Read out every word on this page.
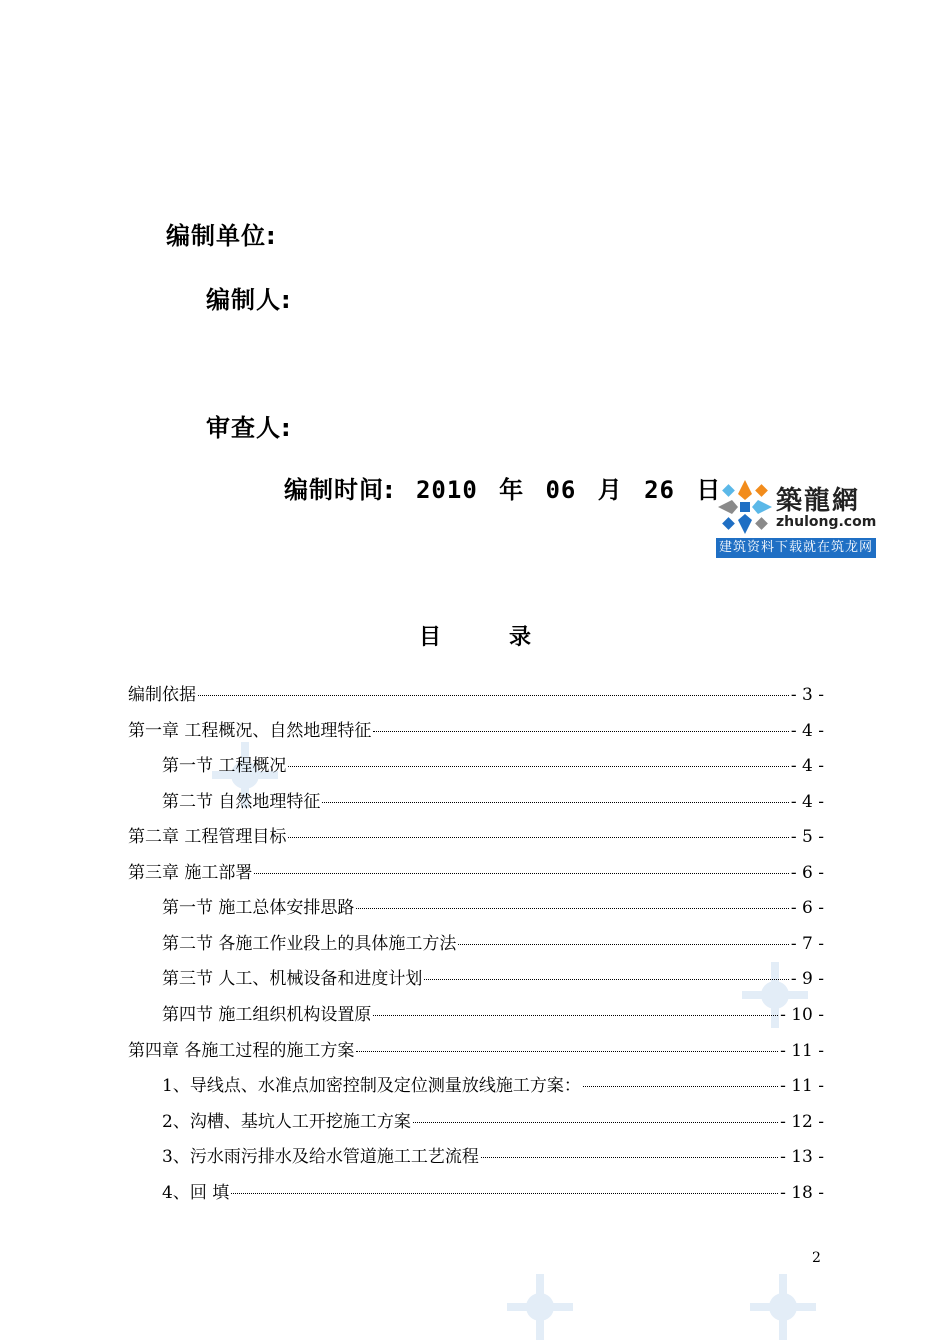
编制单位:
编制人:
审查人:
编制时间: 2010 年 06 月 26 日	築龍網
zhulong.com
建筑资料下载就在筑龙网
目 录
编制依据	- 3 -
第一章 工程概况、自然地理特征	- 4 -
第一节 工程概况	- 4 -
第二节 自然地理特征	- 4 -
第二章 工程管理目标	- 5 -
第三章 施工部署	- 6 -
第一节 施工总体安排思路	- 6 -
第二节 各施工作业段上的具体施工方法	- 7 -
第三节 人工、机械设备和进度计划	- 9 -
第四节 施工组织机构设置原	- 10 -
第四章 各施工过程的施工方案	- 11 -
1、导线点、水准点加密控制及定位测量放线施工方案：	- 11 -
2、沟槽、基坑人工开挖施工方案	- 12 -
3、污水雨污排水及给水管道施工工艺流程	- 13 -
4、回 填	- 18 -
2
